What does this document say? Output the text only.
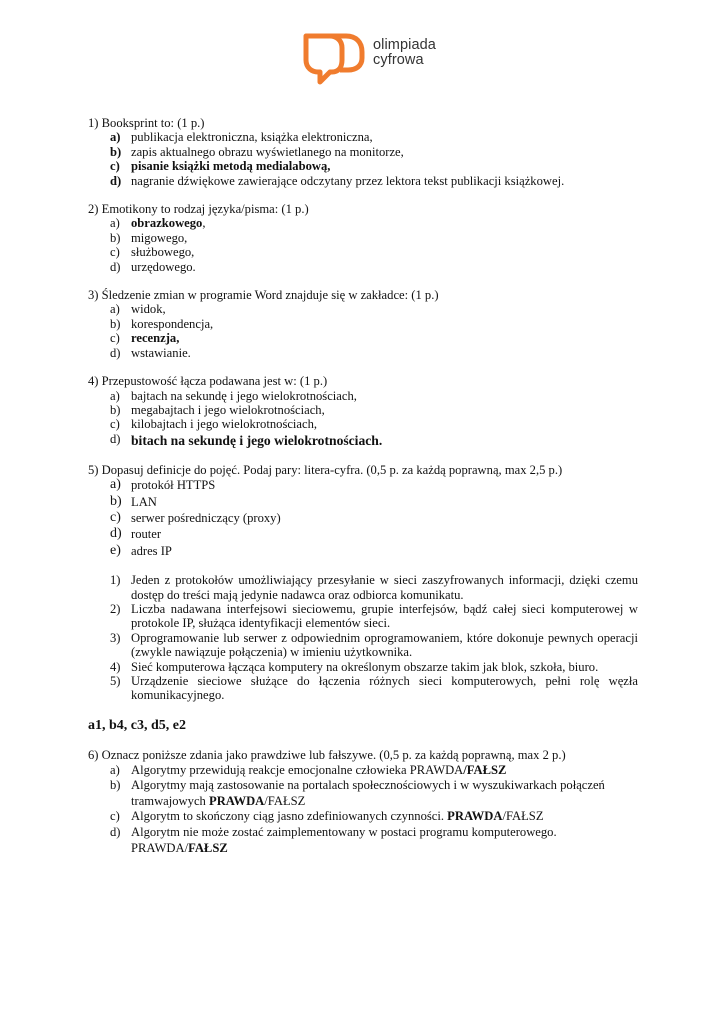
olimpiada
cyfrowa

1) Booksprint to: (1 p.)

a) publikacja elektroniczna, książka elektroniczna,
b) zapis aktualnego obrazu wyświetlanego na monitorze,
c) pisanie książki metodą medialabową,
d) nagranie dźwiękowe zawierające odczytany przez lektora tekst publikacji książkowej.

2) Emotikony to rodzaj języka/pisma: (1 p.)

a) obrazkowego,
b) migowego,
c) służbowego,
d) urzędowego.

3) Śledzenie zmian w programie Word znajduje się w zakładce: (1 p.)

a) widok,
b) korespondencja,
c) recenzja,
d) wstawianie.

4) Przepustowość łącza podawana jest w: (1 p.)

a) bajtach na sekundę i jego wielokrotnościach,
b) megabajtach i jego wielokrotnościach,
c) kilobajtach i jego wielokrotnościach,
d) bitach na sekundę i jego wielokrotnościach.

5) Dopasuj definicje do pojęć. Podaj pary: litera-cyfra. (0,5 p. za każdą poprawną, max 2,5 p.)

a) protokół HTTPS
b) LAN
c) serwer pośredniczący (proxy)
d) router
e) adres IP
1) Jeden z protokołów umożliwiający przesyłanie w sieci zaszyfrowanych informacji, dzięki czemu dostęp do treści mają jedynie nadawca oraz odbiorca komunikatu.
2) Liczba nadawana interfejsowi sieciowemu, grupie interfejsów, bądź całej sieci komputerowej w protokole IP, służąca identyfikacji elementów sieci.
3) Oprogramowanie lub serwer z odpowiednim oprogramowaniem, które dokonuje pewnych operacji (zwykle nawiązuje połączenia) w imieniu użytkownika.
4) Sieć komputerowa łącząca komputery na określonym obszarze takim jak blok, szkoła, biuro.
5) Urządzenie sieciowe służące do łączenia różnych sieci komputerowych, pełni rolę węzła komunikacyjnego.

a1, b4, c3, d5, e2

6) Oznacz poniższe zdania jako prawdziwe lub fałszywe. (0,5 p. za każdą poprawną, max 2 p.)

a) Algorytmy przewidują reakcje emocjonalne człowieka PRAWDA/FAŁSZ
b) Algorytmy mają zastosowanie na portalach społecznościowych i w wyszukiwarkach połączeń tramwajowych PRAWDA/FAŁSZ
c) Algorytm to skończony ciąg jasno zdefiniowanych czynności. PRAWDA/FAŁSZ
d) Algorytm nie może zostać zaimplementowany w postaci programu komputerowego. PRAWDA/FAŁSZ
